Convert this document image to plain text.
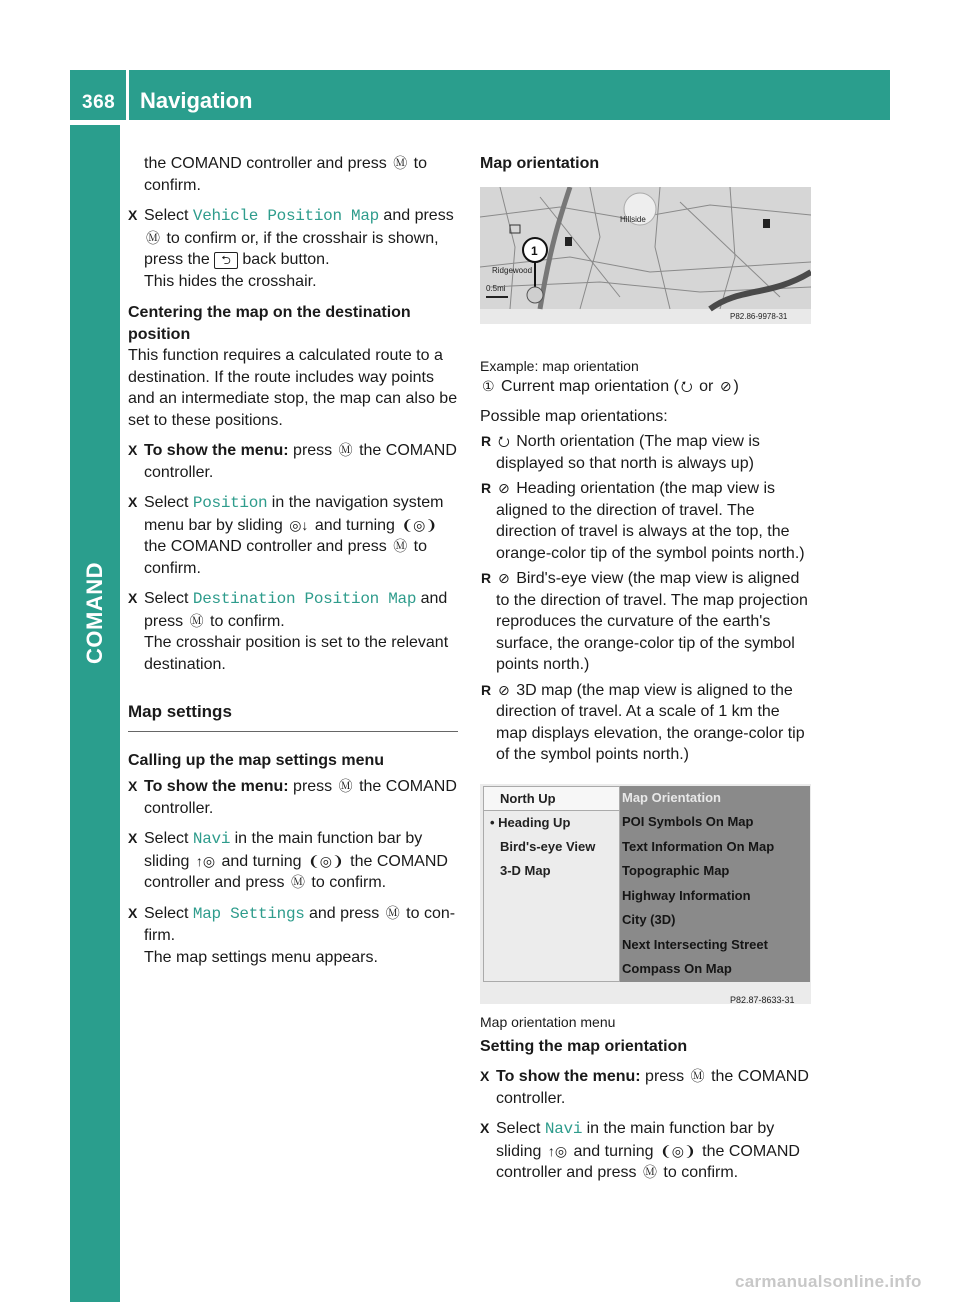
368 Navigation
COMAND

the COMAND controller and press Ⓜ to
confirm.

X Select Vehicle Position Map and press
Ⓜ to confirm or, if the crosshair is shown,
press the ⮌ back button.
This hides the crosshair.

Centering the map on the destination position

This function requires a calculated route to a destination. If the route includes way points and an intermediate stop, the map can also be set to these positions.

X To show the menu: press Ⓜ the COMAND controller.
X Select Position in the navigation system
menu bar by sliding ◎↓ and turning ❨◎❩
the COMAND controller and press Ⓜ to
confirm.
X Select Destination Position Map and
press Ⓜ to confirm.
The crosshair position is set to the relevant destination.

Map settings

Calling up the map settings menu

X To show the menu: press Ⓜ the COMAND controller.
X Select Navi in the main function bar by
sliding ↑◎ and turning ❨◎❩ the COMAND
controller and press Ⓜ to confirm.
X Select Map Settings and press Ⓜ to con-
firm.
The map settings menu appears.

Map orientation

Hillside
Ridgewood
1
0.5mi
P82.86-9978-31

Example: map orientation

① Current map orientation ( ⭮ or ⊘ )

Possible map orientations:

R ⭮ North orientation (The map view is displayed so that north is always up)
R ⊘ Heading orientation (the map view is aligned to the direction of travel. The direction of travel is always at the top, the orange-color tip of the symbol points north.)
R ⊘ Bird's-eye view (the map view is aligned to the direction of travel. The map projection reproduces the curvature of the earth's surface, the orange-color tip of the symbol points north.)
R ⊘ 3D map (the map view is aligned to the direction of travel. At a scale of 1 km the map displays elevation, the orange-color tip of the symbol points north.)
North Up
• Heading Up
Bird's-eye View
3-D Map
Map Orientation
POI Symbols On Map
Text Information On Map
Topographic Map
Highway Information
City (3D)
Next Intersecting Street
Compass On Map
P82.87-8633-31

Map orientation menu

Setting the map orientation

X To show the menu: press Ⓜ the COMAND controller.
X Select Navi in the main function bar by
sliding ↑◎ and turning ❨◎❩ the COMAND
controller and press Ⓜ to confirm.
carmanualsonline.info
